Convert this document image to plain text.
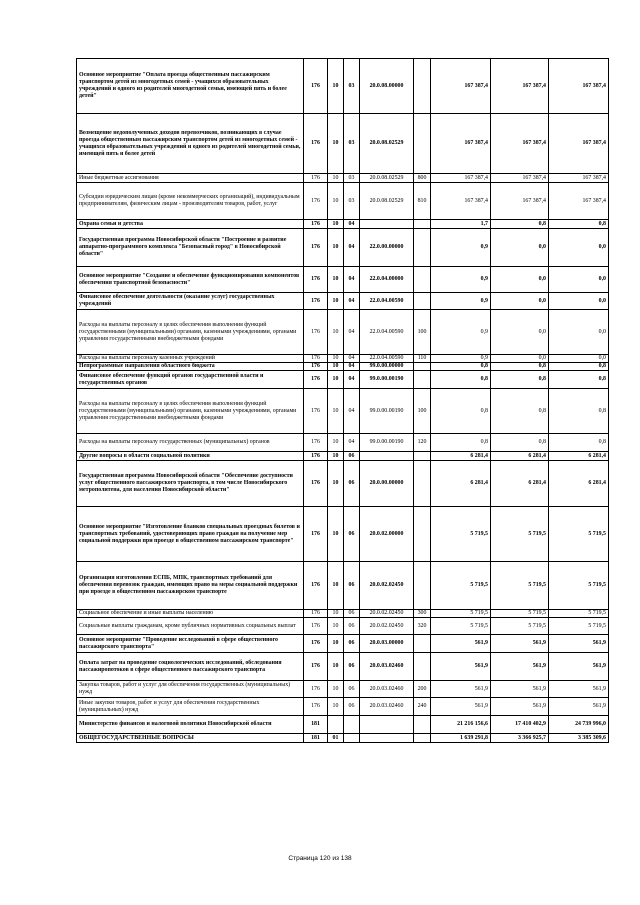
Основное мероприятие "Оплата проезда общественным пассажирским транспортом детей из многодетных семей - учащихся образовательных учреждений и одного из родителей многодетной семьи, имеющей пять и более детей"	176	10	03	20.0.08.00000		167 387,4	167 387,4	167 387,4
Возмещение недополученных доходов перевозчиков, возникающих в случае проезда общественным пассажирским транспортом детей из многодетных семей - учащихся образовательных учреждений и одного из родителей многодетной семьи, имеющей пять и более детей	176	10	03	20.0.08.02529		167 387,4	167 387,4	167 387,4
Иные бюджетные ассигнования	176	10	03	20.0.08.02529	800	167 387,4	167 387,4	167 387,4
Субсидии юридическим лицам (кроме некоммерческих организаций), индивидуальным предпринимателям, физическим лицам - производителям товаров, работ, услуг	176	10	03	20.0.08.02529	810	167 387,4	167 387,4	167 387,4
Охрана семьи и детства	176	10	04			1,7	0,8	0,8
Государственная программа Новосибирской области "Построение и развитие аппаратно-программного комплекса "Безопасный город" в Новосибирской области"	176	10	04	22.0.00.00000		0,9	0,0	0,0
Основное мероприятие "Создание и обеспечение функционирования компонентов обеспечения транспортной безопасности"	176	10	04	22.0.04.00000		0,9	0,0	0,0
Финансовое обеспечение деятельности (оказание услуг) государственных учреждений	176	10	04	22.0.04.00590		0,9	0,0	0,0
Расходы на выплаты персоналу в целях обеспечения выполнения функций государственными (муниципальными) органами, казенными учреждениями, органами управления государственными внебюджетными фондами	176	10	04	22.0.04.00590	100	0,9	0,0	0,0
Расходы на выплаты персоналу казенных учреждений	176	10	04	22.0.04.00590	110	0,9	0,0	0,0
Непрограммные направления областного бюджета	176	10	04	99.0.00.00000		0,8	0,8	0,8
Финансовое обеспечение функций органов государственной власти и государственных органов	176	10	04	99.0.00.00190		0,8	0,8	0,8
Расходы на выплаты персоналу в целях обеспечения выполнения функций государственными (муниципальными) органами, казенными учреждениями, органами управления государственными внебюджетными фондами	176	10	04	99.0.00.00190	100	0,8	0,8	0,8
Расходы на выплаты персоналу государственных (муниципальных) органов	176	10	04	99.0.00.00190	120	0,8	0,8	0,8
Другие вопросы в области социальной политики	176	10	06			6 281,4	6 281,4	6 281,4
Государственная программа Новосибирской области "Обеспечение доступности услуг общественного пассажирского транспорта, в том числе Новосибирского метрополитена, для населения Новосибирской области"	176	10	06	20.0.00.00000		6 281,4	6 281,4	6 281,4
Основное мероприятие "Изготовление бланков специальных проездных билетов и транспортных требований, удостоверяющих право граждан на получение мер социальной поддержки при проезде в общественном пассажирском транспорте"	176	10	06	20.0.02.00000		5 719,5	5 719,5	5 719,5
Организация изготовления ЕСПБ, МПК, транспортных требований для обеспечения перевозок граждан, имеющих право на меры социальной поддержки при проезде в общественном пассажирском транспорте	176	10	06	20.0.02.02450		5 719,5	5 719,5	5 719,5
Социальное обеспечение и иные выплаты населению	176	10	06	20.0.02.02450	300	5 719,5	5 719,5	5 719,5
Социальные выплаты гражданам, кроме публичных нормативных социальных выплат	176	10	06	20.0.02.02450	320	5 719,5	5 719,5	5 719,5
Основное мероприятие "Проведение исследований в сфере общественного пассажирского транспорта"	176	10	06	20.0.03.00000		561,9	561,9	561,9
Оплата затрат на проведение социологических исследований, обследования пассажиропотоков в сфере общественного пассажирского транспорта	176	10	06	20.0.03.02460		561,9	561,9	561,9
Закупка товаров, работ и услуг для обеспечения государственных (муниципальных) нужд	176	10	06	20.0.03.02460	200	561,9	561,9	561,9
Иные закупки товаров, работ и услуг для обеспечения государственных (муниципальных) нужд	176	10	06	20.0.03.02460	240	561,9	561,9	561,9
Министерство финансов и налоговой политики Новосибирской области	181					21 216 156,6	17 410 402,9	24 739 996,0
ОБЩЕГОСУДАРСТВЕННЫЕ ВОПРОСЫ	181	01				1 639 291,8	3 366 925,7	3 385 309,6
Страница 120 из 138
